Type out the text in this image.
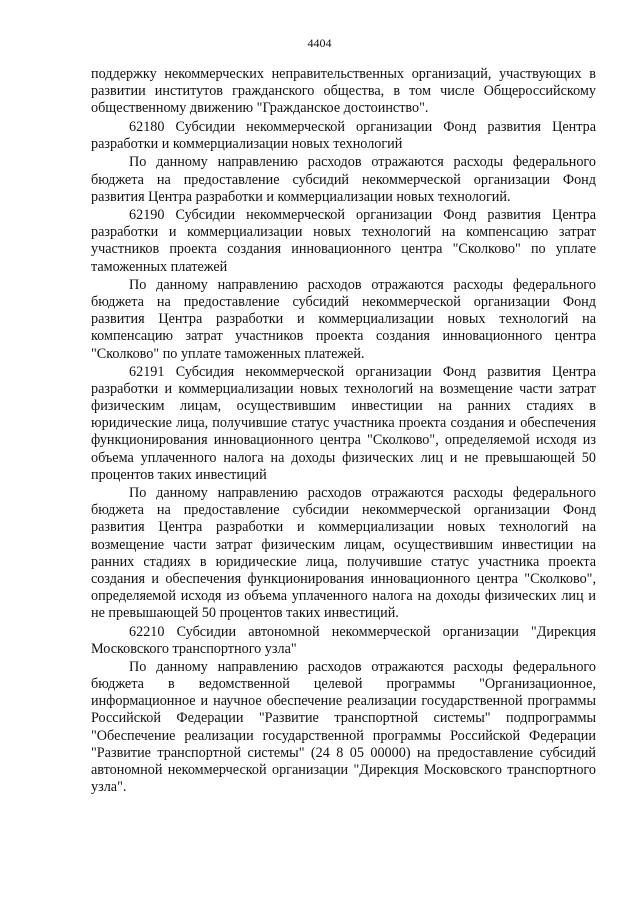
4404

поддержку некоммерческих неправительственных организаций, участвующих в развитии институтов гражданского общества, в том числе Общероссийскому общественному движению "Гражданское достоинство".

62180 Субсидии некоммерческой организации Фонд развития Центра разработки и коммерциализации новых технологий

По данному направлению расходов отражаются расходы федерального бюджета на предоставление субсидий некоммерческой организации Фонд развития Центра разработки и коммерциализации новых технологий.

62190 Субсидии некоммерческой организации Фонд развития Центра разработки и коммерциализации новых технологий на компенсацию затрат участников проекта создания инновационного центра "Сколково" по уплате таможенных платежей

По данному направлению расходов отражаются расходы федерального бюджета на предоставление субсидий некоммерческой организации Фонд развития Центра разработки и коммерциализации новых технологий на компенсацию затрат участников проекта создания инновационного центра "Сколково" по уплате таможенных платежей.

62191 Субсидия некоммерческой организации Фонд развития Центра разработки и коммерциализации новых технологий на возмещение части затрат физическим лицам, осуществившим инвестиции на ранних стадиях в юридические лица, получившие статус участника проекта создания и обеспечения функционирования инновационного центра "Сколково", определяемой исходя из объема уплаченного налога на доходы физических лиц и не превышающей 50 процентов таких инвестиций

По данному направлению расходов отражаются расходы федерального бюджета на предоставление субсидии некоммерческой организации Фонд развития Центра разработки и коммерциализации новых технологий на возмещение части затрат физическим лицам, осуществившим инвестиции на ранних стадиях в юридические лица, получившие статус участника проекта создания и обеспечения функционирования инновационного центра "Сколково", определяемой исходя из объема уплаченного налога на доходы физических лиц и не превышающей 50 процентов таких инвестиций.

62210 Субсидии автономной некоммерческой организации "Дирекция Московского транспортного узла"

По данному направлению расходов отражаются расходы федерального бюджета в ведомственной целевой программы "Организационное, информационное и научное обеспечение реализации государственной программы Российской Федерации "Развитие транспортной системы" подпрограммы "Обеспечение реализации государственной программы Российской Федерации "Развитие транспортной системы" (24 8 05 00000) на предоставление субсидий автономной некоммерческой организации "Дирекция Московского транспортного узла".
